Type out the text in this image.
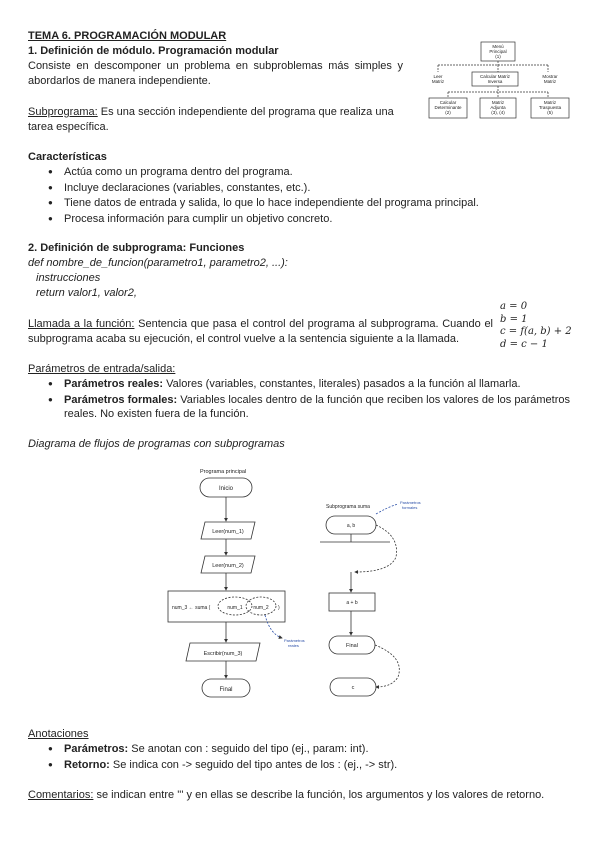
TEMA 6. PROGRAMACIÓN MODULAR
1. Definición de módulo. Programación modular
Consiste en descomponer un problema en subproblemas más simples y abordarlos de manera independiente.
Subprograma: Es una sección independiente del programa que realiza una tarea específica.
Menú
Principal
(1)
Leer
Matriz
Calcular Matriz
Inversa
Mostrar
Matriz
Calcular
Determinante
(2)
Matriz
Adjunta
(3), (4)
Matriz
Traspuesta
(5)
Características
● Actúa como un programa dentro del programa.
● Incluye declaraciones (variables, constantes, etc.).
● Tiene datos de entrada y salida, lo que lo hace independiente del programa principal.
● Procesa información para cumplir un objetivo concreto.
2. Definición de subprograma: Funciones
def nombre_de_funcion(parametro1, parametro2, ...):
instrucciones
return valor1, valor2,
Llamada a la función: Sentencia que pasa el control del programa al subprograma. Cuando el subprograma acaba su ejecución, el control vuelve a la sentencia siguiente a la llamada.
a = 0
b = 1
c = f(a, b) + 2
d = c − 1
Parámetros de entrada/salida:
● Parámetros reales: Valores (variables, constantes, literales) pasados a la función al llamarla.
● Parámetros formales: Variables locales dentro de la función que reciben los valores de los parámetros reales. No existen fuera de la función.
Diagrama de flujos de programas con subprogramas
Programa principal
Inicio
Leer(num_1)
Leer(num_2)
num_3 ← suma (	num_1 num_2 )
Parámetros
reales
Escribir(num_3)
Final
Subprograma suma
Parámetros
formales
a, b
a + b
Final
c
Anotaciones
● Parámetros: Se anotan con : seguido del tipo (ej., param: int).
● Retorno: Se indica con -> seguido del tipo antes de los : (ej., -> str).
Comentarios: se indican entre ''' y en ellas se describe la función, los argumentos y los valores de retorno.
